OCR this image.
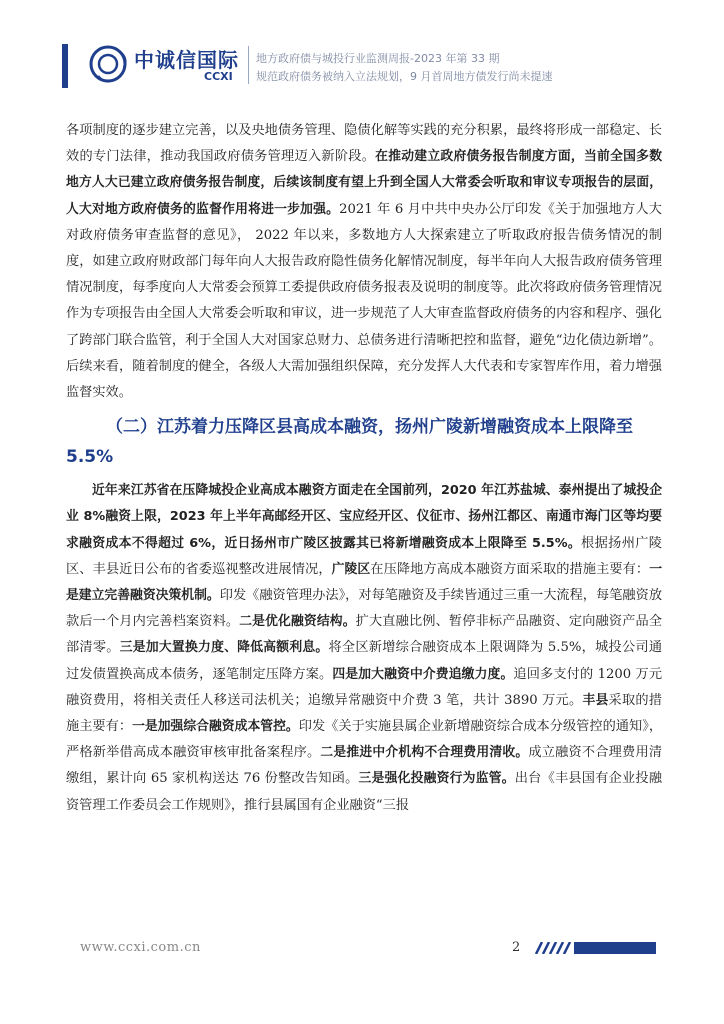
中诚信国际
CCXI
地方政府债与城投行业监测周报-2023 年第 33 期
规范政府债务被纳入立法规划，9 月首周地方债发行尚未提速

各项制度的逐步建立完善，以及央地债务管理、隐债化解等实践的充分积累，最终将形成一部稳定、长效的专门法律，推动我国政府债务管理迈入新阶段。在推动建立政府债务报告制度方面，当前全国多数地方人大已建立政府债务报告制度，后续该制度有望上升到全国人大常委会听取和审议专项报告的层面，人大对地方政府债务的监督作用将进一步加强。2021 年 6 月中共中央办公厅印发《关于加强地方人大对政府债务审查监督的意见》， 2022 年以来，多数地方人大探索建立了听取政府报告债务情况的制度，如建立政府财政部门每年向人大报告政府隐性债务化解情况制度，每半年向人大报告政府债务管理情况制度，每季度向人大常委会预算工委提供政府债务报表及说明的制度等。此次将政府债务管理情况作为专项报告由全国人大常委会听取和审议，进一步规范了人大审查监督政府债务的内容和程序、强化了跨部门联合监管，利于全国人大对国家总财力、总债务进行清晰把控和监督，避免“边化债边新增”。后续来看，随着制度的健全，各级人大需加强组织保障，充分发挥人大代表和专家智库作用，着力增强监督实效。

（二）江苏着力压降区县高成本融资，扬州广陵新增融资成本上限降至 5.5%

近年来江苏省在压降城投企业高成本融资方面走在全国前列，2020 年江苏盐城、泰州提出了城投企业 8%融资上限，2023 年上半年高邮经开区、宝应经开区、仪征市、扬州江都区、南通市海门区等均要求融资成本不得超过 6%，近日扬州市广陵区披露其已将新增融资成本上限降至 5.5%。根据扬州广陵区、丰县近日公布的省委巡视整改进展情况，广陵区在压降地方高成本融资方面采取的措施主要有：一是建立完善融资决策机制。印发《融资管理办法》，对每笔融资及手续皆通过三重一大流程，每笔融资放款后一个月内完善档案资料。二是优化融资结构。扩大直融比例、暂停非标产品融资、定向融资产品全部清零。三是加大置换力度、降低高额利息。将全区新增综合融资成本上限调降为 5.5%，城投公司通过发债置换高成本债务，逐笔制定压降方案。四是加大融资中介费追缴力度。追回多支付的 1200 万元融资费用，将相关责任人移送司法机关；追缴异常融资中介费 3 笔，共计 3890 万元。丰县采取的措施主要有：一是加强综合融资成本管控。印发《关于实施县属企业新增融资综合成本分级管控的通知》，严格新举借高成本融资审核审批备案程序。二是推进中介机构不合理费用清收。成立融资不合理费用清缴组，累计向 65 家机构送达 76 份整改告知函。三是强化投融资行为监管。出台《丰县国有企业投融资管理工作委员会工作规则》，推行县属国有企业融资“三报

www.ccxi.com.cn	2
